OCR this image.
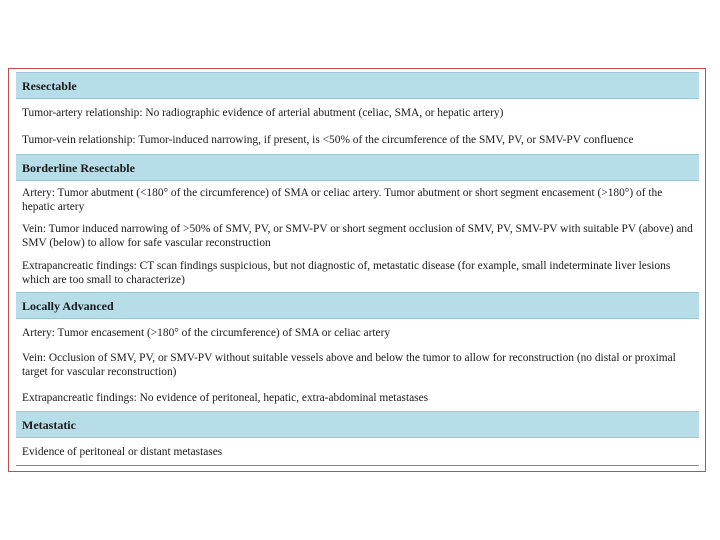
Resectable
Tumor-artery relationship: No radiographic evidence of arterial abutment (celiac, SMA, or hepatic artery)
Tumor-vein relationship: Tumor-induced narrowing, if present, is <50% of the circumference of the SMV, PV, or SMV-PV confluence
Borderline Resectable
Artery: Tumor abutment (<180° of the circumference) of SMA or celiac artery. Tumor abutment or short segment encasement (>180°) of the hepatic artery
Vein: Tumor induced narrowing of >50% of SMV, PV, or SMV-PV or short segment occlusion of SMV, PV, SMV-PV with suitable PV (above) and SMV (below) to allow for safe vascular reconstruction
Extrapancreatic findings: CT scan findings suspicious, but not diagnostic of, metastatic disease (for example, small indeterminate liver lesions which are too small to characterize)
Locally Advanced
Artery: Tumor encasement (>180° of the circumference) of SMA or celiac artery
Vein: Occlusion of SMV, PV, or SMV-PV without suitable vessels above and below the tumor to allow for reconstruction (no distal or proximal target for vascular reconstruction)
Extrapancreatic findings: No evidence of peritoneal, hepatic, extra-abdominal metastases
Metastatic
Evidence of peritoneal or distant metastases
